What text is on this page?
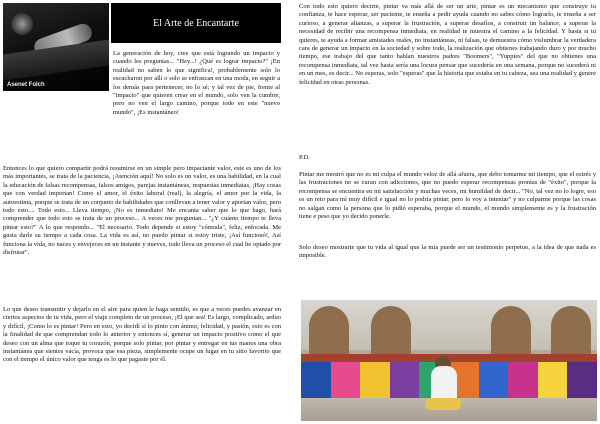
Asenet Folch
El Arte de Encantarte

La generación de hoy, cree que está logrando un impacto y cuando les preguntas... "Hey...! ¿Qué es lograr impacto?" ¡En realidad no saben lo que significa!, probablemente solo lo escucharon por allí o solo se enfrascan en una moda, en seguir a los demás para pertenecer, no lo sé; y tal vez de pie, frente al "impacto" que quieren crear en el mundo, solo ven la cumbre, pero no ven el largo camino, porque todo en este "nuevo mundo", ¡Es instantáneo!

Entonces lo que quiero compartir podrá resumirse en un simple pero impactante valor, este es uno de los más importantes, se trata de la paciencia, ¡Atención aquí! No solo es un valor, es una habilidad, en la cual la educación de falsas recompensas, falsos amigos, parejas instantáneas, respuestas inmediatas, ¡Hay cosas que con verdad importan! Como el amor, el éxito laboral (real), la alegría, el amor por la vida, la autoestima, porque se trata de un conjunto de habilidades que conllevan a tener valor y aportan valor, pero todo esto.... Todo esto... Lleva tiempo, ¡No es inmediato! Me encanta saber que lo que hago, hará comprender que todo esto se trata de un proceso... A veces me preguntan... "¿Y cuánto tiempo te lleva pintar esto?" A lo que respondo... "El necesario. Todo depende si estoy "cómoda", feliz, enfocada. Me gusta darle su tiempo a cada cosa. La vida es así, no puedo pintar si estoy triste, ¡Así funcionó!, Así funciona la vida, no naces y envejeces en un instante y nueves, todo lleva un proceso el cual he optado por disfrutar".

Lo que deseo transmitir y dejarlo en el aire para quien le haga sentido, es que a veces puedes avanzar en ciertos aspectos de tu vida, pero el viaje completo de un proceso, ¡El que sea! Es largo, complicado, arduo y difícil, ¡Como lo es pintar! Pero en esto, yo decidí sí lo pinto con ánimo, felicidad, y pasión, esto es con la finalidad de que comprendan todo lo anterior y entonces sí, generar un impacto positivo como el que deseo con un alma que toque tu corazón, porque solo pintar, por pintar y entregar en tus manos una obra instantánea que sientes vacía, provoca que esa pieza, simplemente ocupe un lugar en tu sitio favorito que con el tiempo el único valor que tenga es lo que pagaste por él.

Con todo esto quiero decirte, pintar va más allá de ser un arte, pintar es un mecanismo que construye tu confianza, te hace esperar, ser paciente, te enseña a pedir ayuda cuando no sabes cómo lograrlo, te enseña a ser curioso, a generar alianzas, a superar la frustración, a superar desafíos, a construir un balance, a superar la necesidad de recibir una recompensa inmediata, en realidad te muestra el camino a la felicidad. Y hasta si tú quieres, te ayuda a formar amistades reales, no instantáneas, ni falsas, te demuestra cómo vislumbrar la verdadera cara de generar un impacto en la sociedad y sobre todo, la realización que obtienes trabajando duro y por mucho tiempo, ese trabajo del que tanto hablan nuestros padres "Boomers", "Yuppies" del que no obtienes una recompensa inmediata, tal vez hasta sería una locura pensar que sucedería en una semana, porque no sucederá ni en un mes, es decir... No esperas, solo "esperas" que la historia que estaba en tu cabeza, sea una realidad y genere felicidad en otras personas.

P.D.

Pintar me mostró que no es mi culpa el mundo veloz de allá afuera, que debo tomarme mi tiempo, que el estrés y las frustraciones no se curan con adicciones, que no puedo esperar recompensas prontas de "éxito", porque la recompensa se encuentra en mi satisfacción y muchas veces, mi humildad de decir... "No, tal vez no lo logre, eso es un reto para mí muy difícil e igual no lo podría pintar, pero lo voy a intentar" y no culparme porque las cosas no salgan como la persona que lo pidió esperaba, porque el mundo, el mundo simplemente es y la frustración tiene e peso que yo decido ponerle.

Solo deseo mostrarte que tu vida al igual que la mía puede ser un testimonio perpetuo, a la idea de que nada es imposible.
